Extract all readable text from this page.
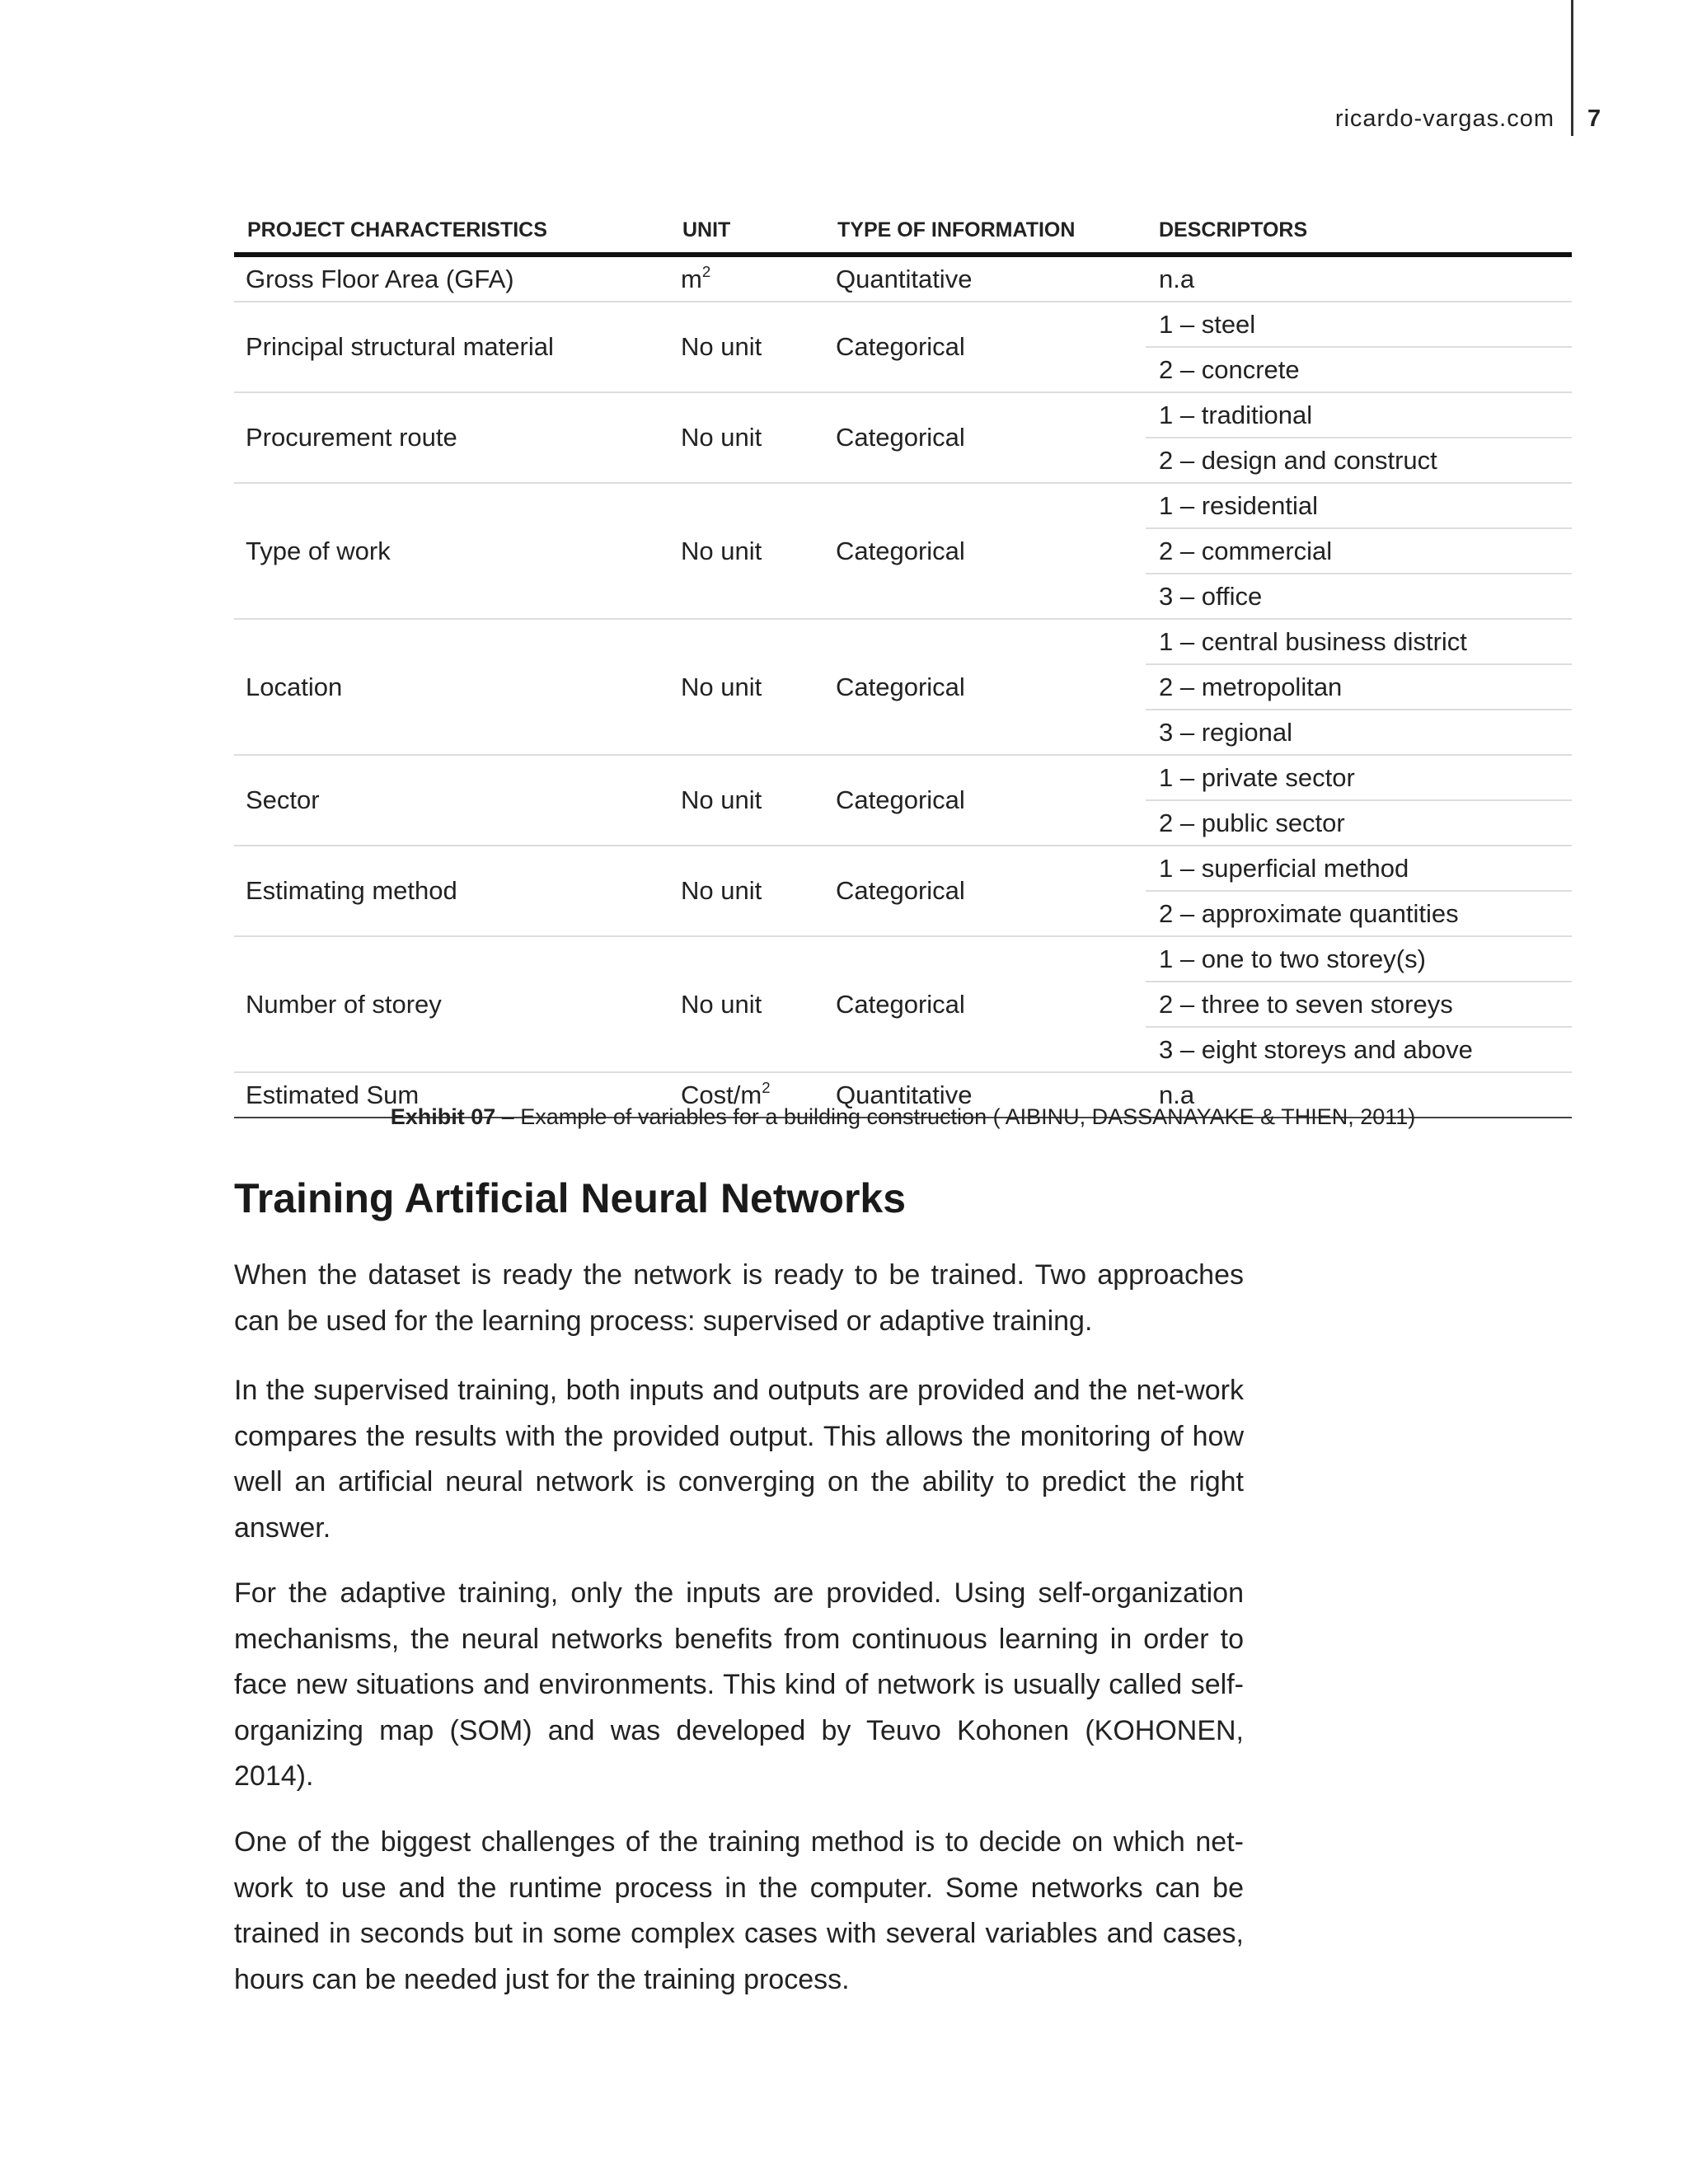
ricardo-vargas.com 7
PROJECT CHARACTERISTICS	UNIT	TYPE OF INFORMATION	DESCRIPTORS
Gross Floor Area (GFA)	$m^2$	Quantitative	n.a
Principal structural material	No unit	Categorical	1 – steel
			2 – concrete
Procurement route	No unit	Categorical	1 – traditional
			2 – design and construct
Type of work	No unit	Categorical	1 – residential
			2 – commercial
			3 – office
Location	No unit	Categorical	1 – central business district
			2 – metropolitan
			3 – regional
Sector	No unit	Categorical	1 – private sector
			2 – public sector
Estimating method	No unit	Categorical	1 – superficial method
			2 – approximate quantities
Number of storey	No unit	Categorical	1 – one to two storey(s)
			2 – three to seven storeys
			3 – eight storeys and above
Estimated Sum	Cost/$m^2$	Quantitative	n.a
Exhibit 07 – Example of variables for a building construction ( AIBINU, DASSANAYAKE & THIEN, 2011)
Training Artificial Neural Networks

When the dataset is ready the network is ready to be trained. Two approaches can be used for the learning process: supervised or adaptive training.

In the supervised training, both inputs and outputs are provided and the net-work compares the results with the provided output. This allows the monitoring of how well an artificial neural network is converging on the ability to predict the right answer.

For the adaptive training, only the inputs are provided. Using self-organization mechanisms, the neural networks benefits from continuous learning in order to face new situations and environments. This kind of network is usually called self-organizing map (SOM) and was developed by Teuvo Kohonen (KOHONEN, 2014).

One of the biggest challenges of the training method is to decide on which net-work to use and the runtime process in the computer. Some networks can be trained in seconds but in some complex cases with several variables and cases, hours can be needed just for the training process.
